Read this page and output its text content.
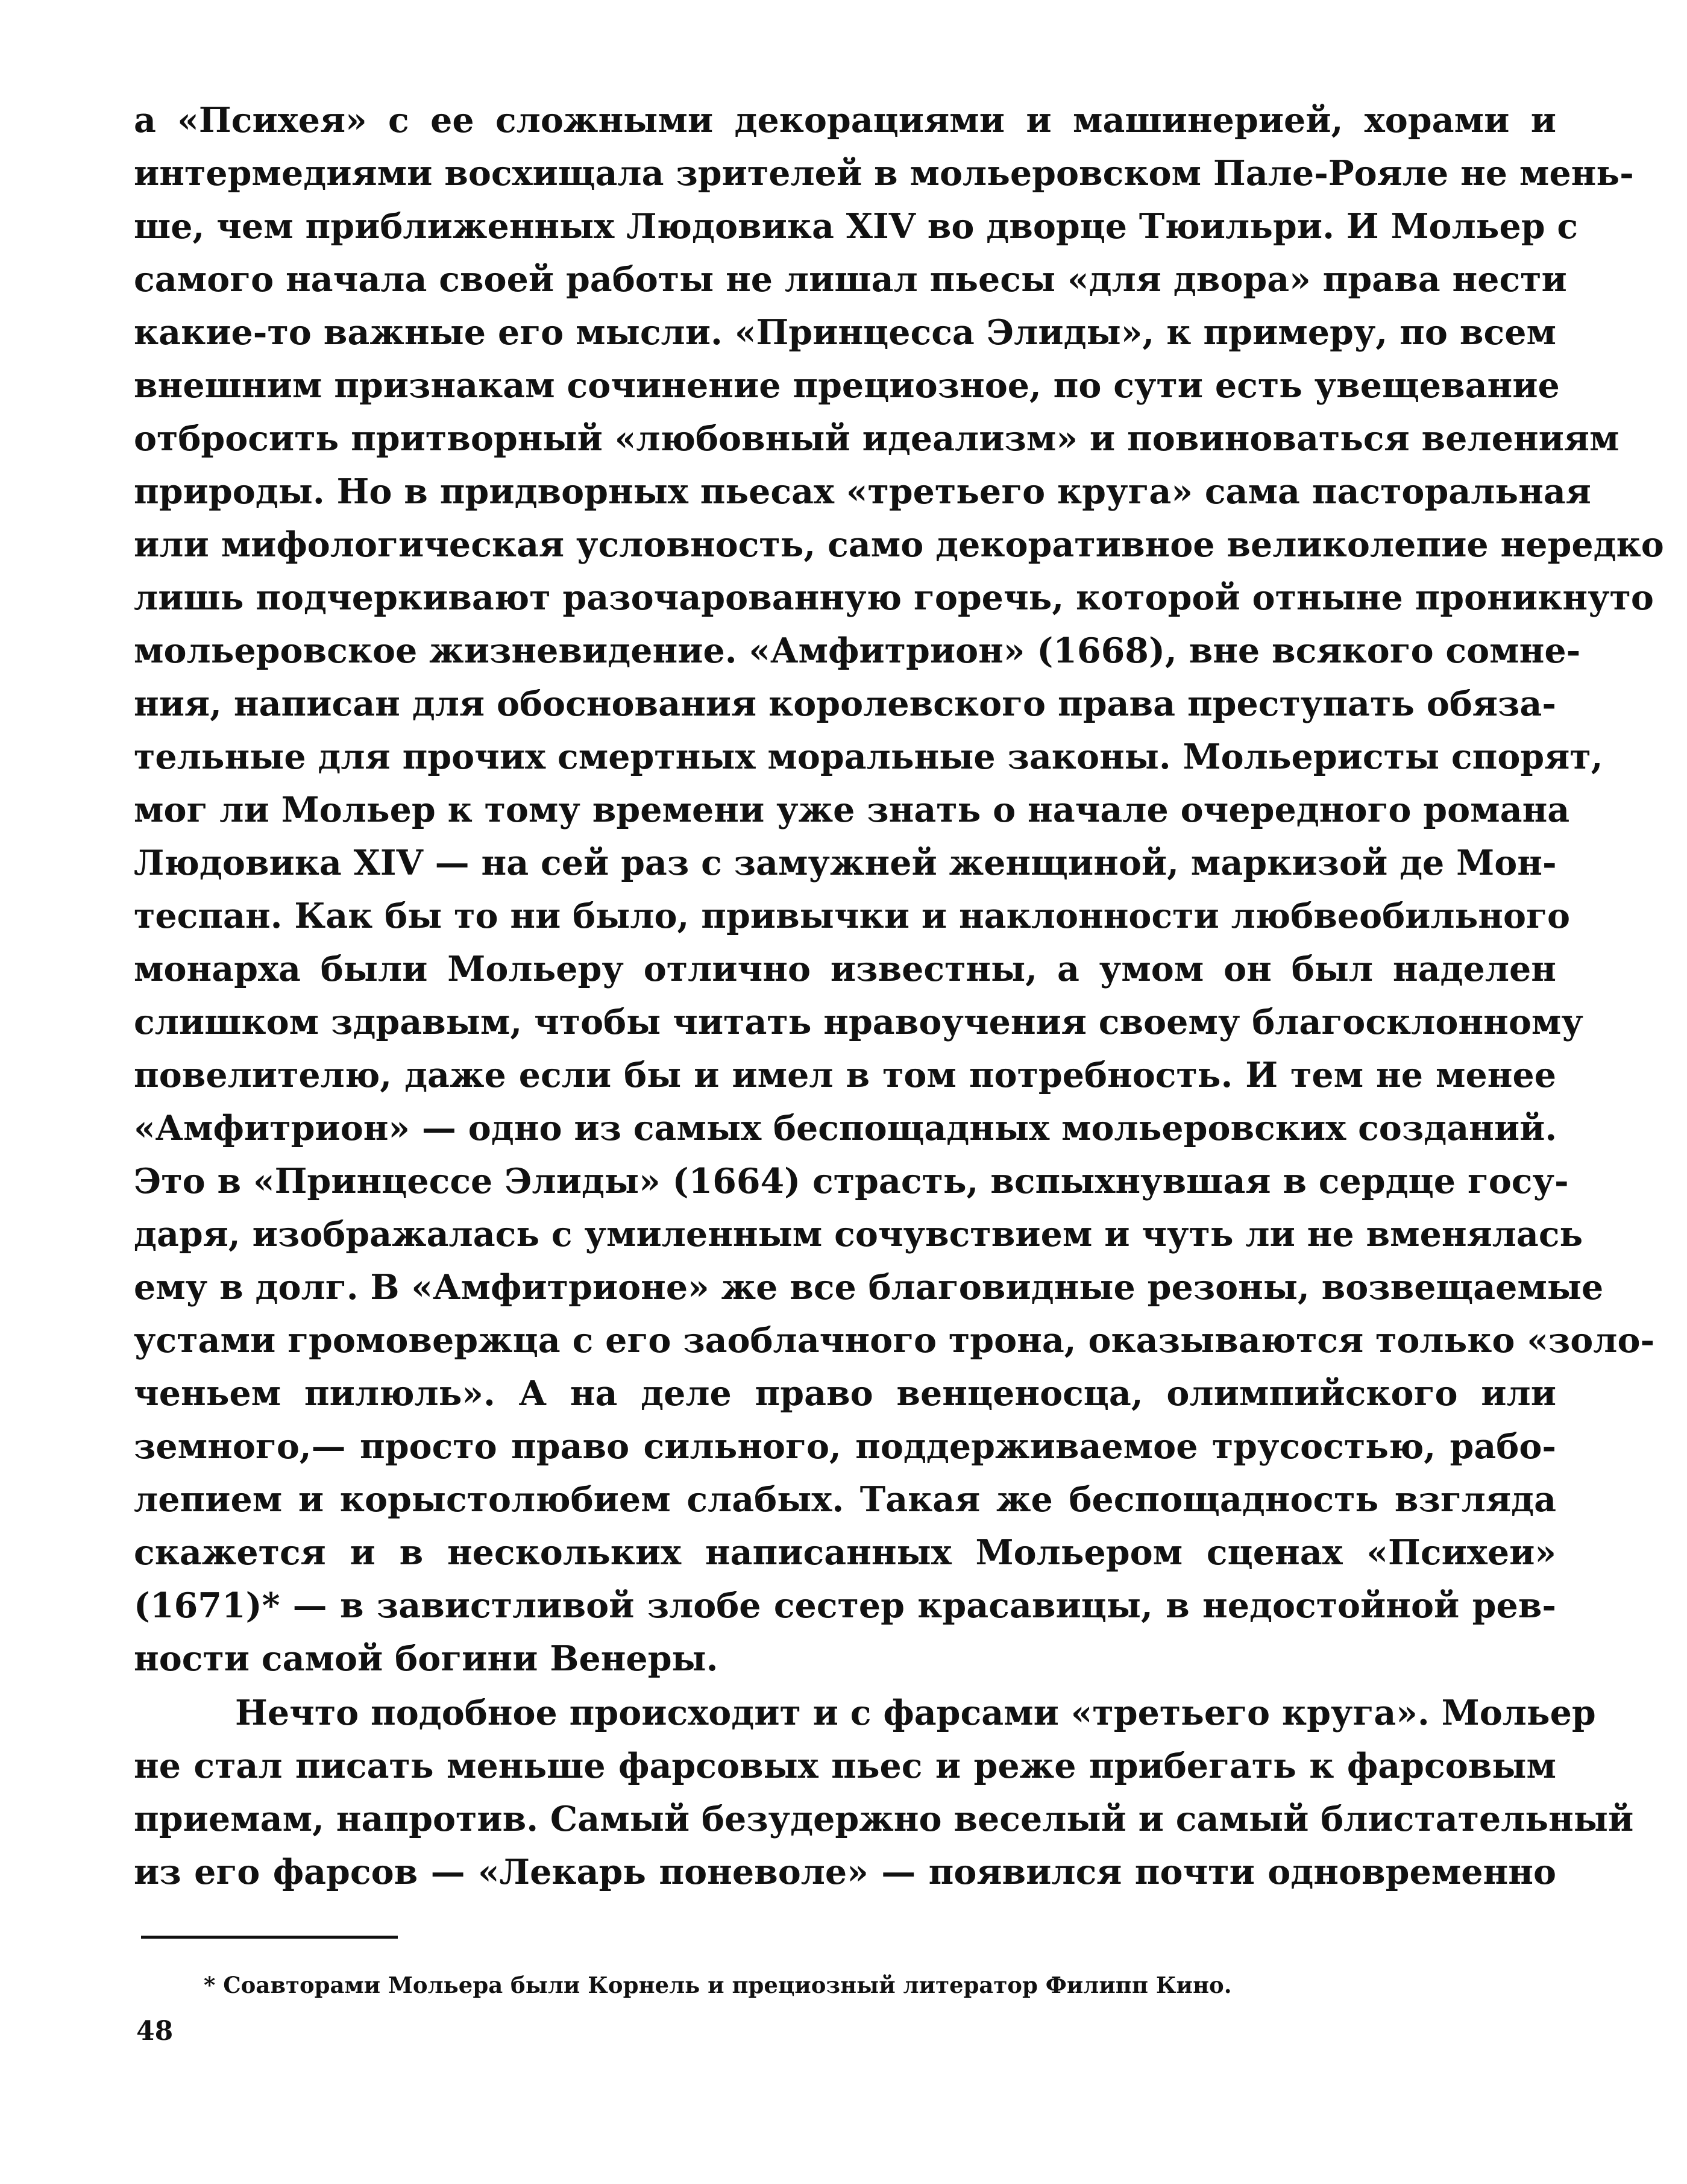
а «Психея» с ее сложными декорациями и машинерией, хорами и
интермедиями восхищала зрителей в мольеровском Пале-Рояле не мень-
ше, чем приближенных Людовика XIV во дворце Тюильри. И Мольер с
самого начала своей работы не лишал пьесы «для двора» права нести
какие-то важные его мысли. «Принцесса Элиды», к примеру, по всем
внешним признакам сочинение прециозное, по сути есть увещевание
отбросить притворный «любовный идеализм» и повиноваться велениям
природы. Но в придворных пьесах «третьего круга» сама пасторальная
или мифологическая условность, само декоративное великолепие нередко
лишь подчеркивают разочарованную горечь, которой отныне проникнуто
мольеровское жизневидение. «Амфитрион» (1668), вне всякого сомне-
ния, написан для обоснования королевского права преступать обяза-
тельные для прочих смертных моральные законы. Мольеристы спорят,
мог ли Мольер к тому времени уже знать о начале очередного романа
Людовика XIV — на сей раз с замужней женщиной, маркизой де Мон-
теспан. Как бы то ни было, привычки и наклонности любвеобильного
монарха были Мольеру отлично известны, а умом он был наделен
слишком здравым, чтобы читать нравоучения своему благосклонному
повелителю, даже если бы и имел в том потребность. И тем не менее
«Амфитрион» — одно из самых беспощадных мольеровских созданий.
Это в «Принцессе Элиды» (1664) страсть, вспыхнувшая в сердце госу-
даря, изображалась с умиленным сочувствием и чуть ли не вменялась
ему в долг. В «Амфитрионе» же все благовидные резоны, возвещаемые
устами громовержца с его заоблачного трона, оказываются только «золо-
ченьем пилюль». А на деле право венценосца, олимпийского или
земного,— просто право сильного, поддерживаемое трусостью, рабо-
лепием и корыстолюбием слабых. Такая же беспощадность взгляда
скажется и в нескольких написанных Мольером сценах «Психеи»
(1671)* — в завистливой злобе сестер красавицы, в недостойной рев-
ности самой богини Венеры.
Нечто подобное происходит и с фарсами «третьего круга». Мольер
не стал писать меньше фарсовых пьес и реже прибегать к фарсовым
приемам, напротив. Самый безудержно веселый и самый блистательный
из его фарсов — «Лекарь поневоле» — появился почти одновременно
* Соавторами Мольера были Корнель и прециозный литератор Филипп Кино.
48
